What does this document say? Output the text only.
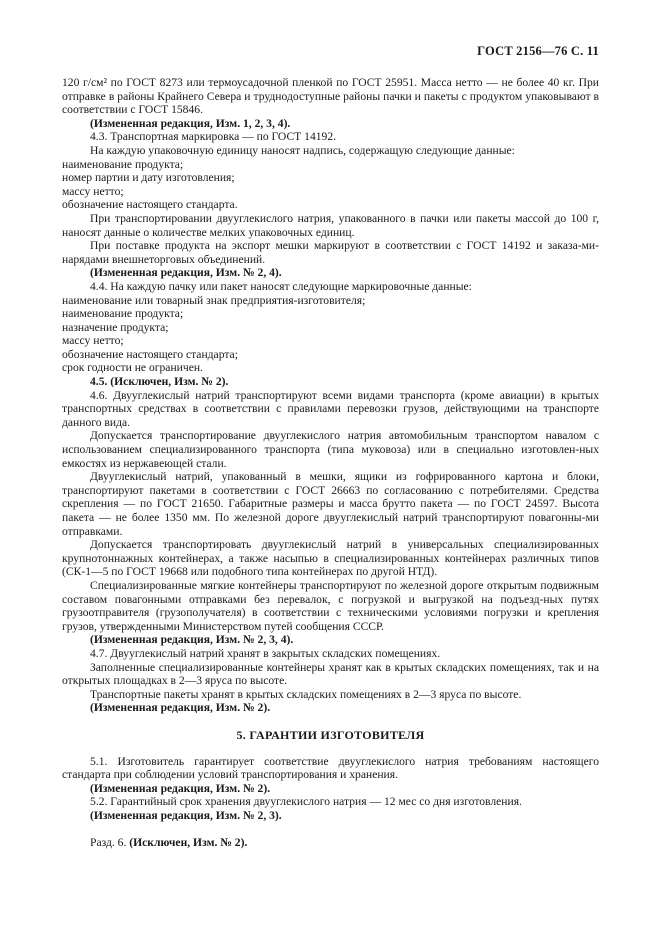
ГОСТ 2156—76 С. 11

120 г/см² по ГОСТ 8273 или термоусадочной пленкой по ГОСТ 25951. Масса нетто — не более 40 кг. При отправке в районы Крайнего Севера и труднодоступные районы пачки и пакеты с продуктом упаковывают в соответствии с ГОСТ 15846.

(Измененная редакция, Изм. 1, 2, 3, 4).

4.3. Транспортная маркировка — по ГОСТ 14192.

На каждую упаковочную единицу наносят надпись, содержащую следующие данные:

наименование продукта;

номер партии и дату изготовления;

массу нетто;

обозначение настоящего стандарта.

При транспортировании двууглекислого натрия, упакованного в пачки или пакеты массой до 100 г, наносят данные о количестве мелких упаковочных единиц.

При поставке продукта на экспорт мешки маркируют в соответствии с ГОСТ 14192 и заказа-ми-нарядами внешнеторговых объединений.

(Измененная редакция, Изм. № 2, 4).

4.4. На каждую пачку или пакет наносят следующие маркировочные данные:

наименование или товарный знак предприятия-изготовителя;

наименование продукта;

назначение продукта;

массу нетто;

обозначение настоящего стандарта;

срок годности не ограничен.

4.5. (Исключен, Изм. № 2).

4.6. Двууглекислый натрий транспортируют всеми видами транспорта (кроме авиации) в крытых транспортных средствах в соответствии с правилами перевозки грузов, действующими на транспорте данного вида.

Допускается транспортирование двууглекислого натрия автомобильным транспортом навалом с использованием специализированного транспорта (типа муковоза) или в специально изготовлен-ных емкостях из нержавеющей стали.

Двууглекислый натрий, упакованный в мешки, ящики из гофрированного картона и блоки, транспортируют пакетами в соответствии с ГОСТ 26663 по согласованию с потребителями. Средства скрепления — по ГОСТ 21650. Габаритные размеры и масса брутто пакета — по ГОСТ 24597. Высота пакета — не более 1350 мм. По железной дороге двууглекислый натрий транспортируют повагонны-ми отправками.

Допускается транспортировать двууглекислый натрий в универсальных специализированных крупнотоннажных контейнерах, а также насыпью в специализированных контейнерах различных типов (СК-1—5 по ГОСТ 19668 или подобного типа контейнерах по другой НТД).

Специализированные мягкие контейнеры транспортируют по железной дороге открытым подвижным составом повагонными отправками без перевалок, с погрузкой и выгрузкой на подъезд-ных путях грузоотправителя (грузополучателя) в соответствии с техническими условиями погрузки и крепления грузов, утвержденными Министерством путей сообщения СССР.

(Измененная редакция, Изм. № 2, 3, 4).

4.7. Двууглекислый натрий хранят в закрытых складских помещениях.

Заполненные специализированные контейнеры хранят как в крытых складских помещениях, так и на открытых площадках в 2—3 яруса по высоте.

Транспортные пакеты хранят в крытых складских помещениях в 2—3 яруса по высоте.

(Измененная редакция, Изм. № 2).

5. ГАРАНТИИ ИЗГОТОВИТЕЛЯ

5.1. Изготовитель гарантирует соответствие двууглекислого натрия требованиям настоящего стандарта при соблюдении условий транспортирования и хранения.

(Измененная редакция, Изм. № 2).

5.2. Гарантийный срок хранения двууглекислого натрия — 12 мес со дня изготовления.

(Измененная редакция, Изм. № 2, 3).

Разд. 6. (Исключен, Изм. № 2).
